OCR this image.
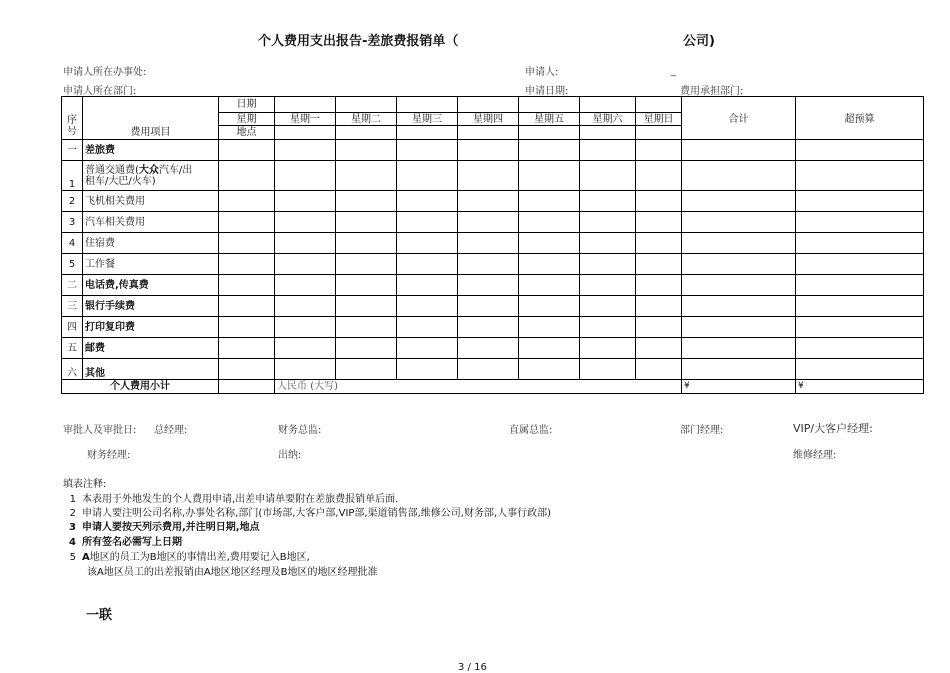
个人费用支出报告-差旅费报销单（	公司)
申请人所在办事处:	申请人:	_
申请人所在部门:	申请日期:	费用承担部门:
		日期									
序		星期	星期一	星期二	星期三	星期四	星期五	星期六	星期日	合计	超预算
号	费用项目	地点									
一	差旅费										
1	普通交通费(大众汽车/出
租车/大巴/火车)										
2	飞机相关费用										
3	汽车相关费用										
4	住宿费										
5	工作餐										
二	电话费,传真费										
三	银行手续费										
四	打印复印费										
五	邮费										
六	其他										
个人费用小计			人民币 (大写)							¥	¥
审批人及审批日: 总经理:	财务总监:	直属总监:	部门经理:	VIP/大客户经理:
财务经理:	出纳:	维修经理:
填表注释:
1 本表用于外地发生的个人费用申请,出差申请单要附在差旅费报销单后面.
2 申请人要注明公司名称,办事处名称,部门(市场部,大客户部,VIP部,渠道销售部,维修公司,财务部,人事行政部)
3 申请人要按天列示费用,并注明日期,地点
4 所有签名必需写上日期
5 A地区的员工为B地区的事情出差,费用要记入B地区,
该A地区员工的出差报销由A地区地区经理及B地区的地区经理批准
一联
3 / 16
